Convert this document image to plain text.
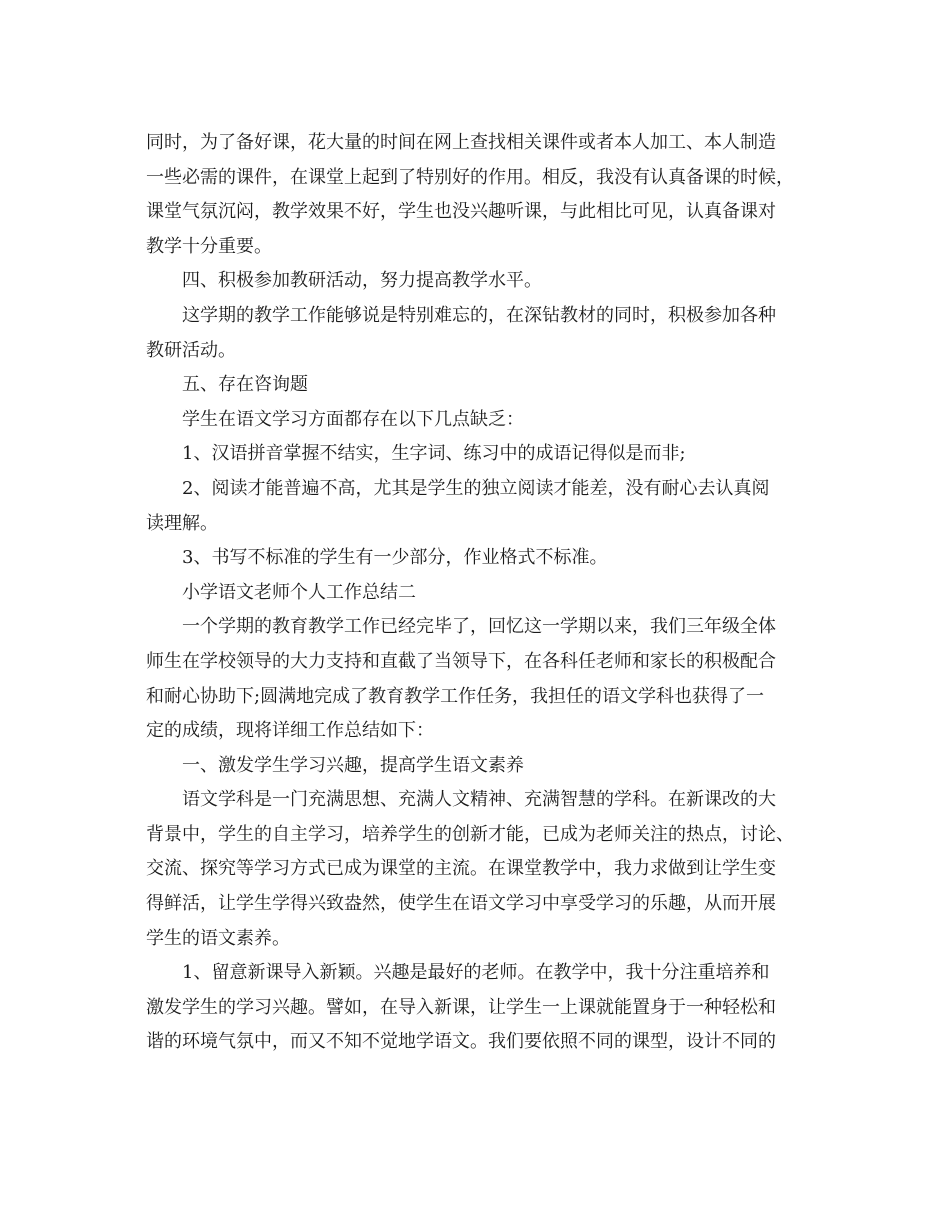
同时，为了备好课，花大量的时间在网上查找相关课件或者本人加工、本人制造
一些必需的课件，在课堂上起到了特别好的作用。相反，我没有认真备课的时候，
课堂气氛沉闷，教学效果不好，学生也没兴趣听课，与此相比可见，认真备课对
教学十分重要。
四、积极参加教研活动，努力提高教学水平。
这学期的教学工作能够说是特别难忘的，在深钻教材的同时，积极参加各种
教研活动。
五、存在咨询题
学生在语文学习方面都存在以下几点缺乏：
1、汉语拼音掌握不结实，生字词、练习中的成语记得似是而非;
2、阅读才能普遍不高，尤其是学生的独立阅读才能差，没有耐心去认真阅
读理解。
3、书写不标准的学生有一少部分，作业格式不标准。
小学语文老师个人工作总结二
一个学期的教育教学工作已经完毕了，回忆这一学期以来，我们三年级全体
师生在学校领导的大力支持和直截了当领导下，在各科任老师和家长的积极配合
和耐心协助下;圆满地完成了教育教学工作任务，我担任的语文学科也获得了一
定的成绩，现将详细工作总结如下：
一、激发学生学习兴趣，提高学生语文素养
语文学科是一门充满思想、充满人文精神、充满智慧的学科。在新课改的大
背景中，学生的自主学习，培养学生的创新才能，已成为老师关注的热点，讨论、
交流、探究等学习方式已成为课堂的主流。在课堂教学中，我力求做到让学生变
得鲜活，让学生学得兴致盎然，使学生在语文学习中享受学习的乐趣，从而开展
学生的语文素养。
1、留意新课导入新颖。兴趣是最好的老师。在教学中，我十分注重培养和
激发学生的学习兴趣。譬如，在导入新课，让学生一上课就能置身于一种轻松和
谐的环境气氛中，而又不知不觉地学语文。我们要依照不同的课型，设计不同的
